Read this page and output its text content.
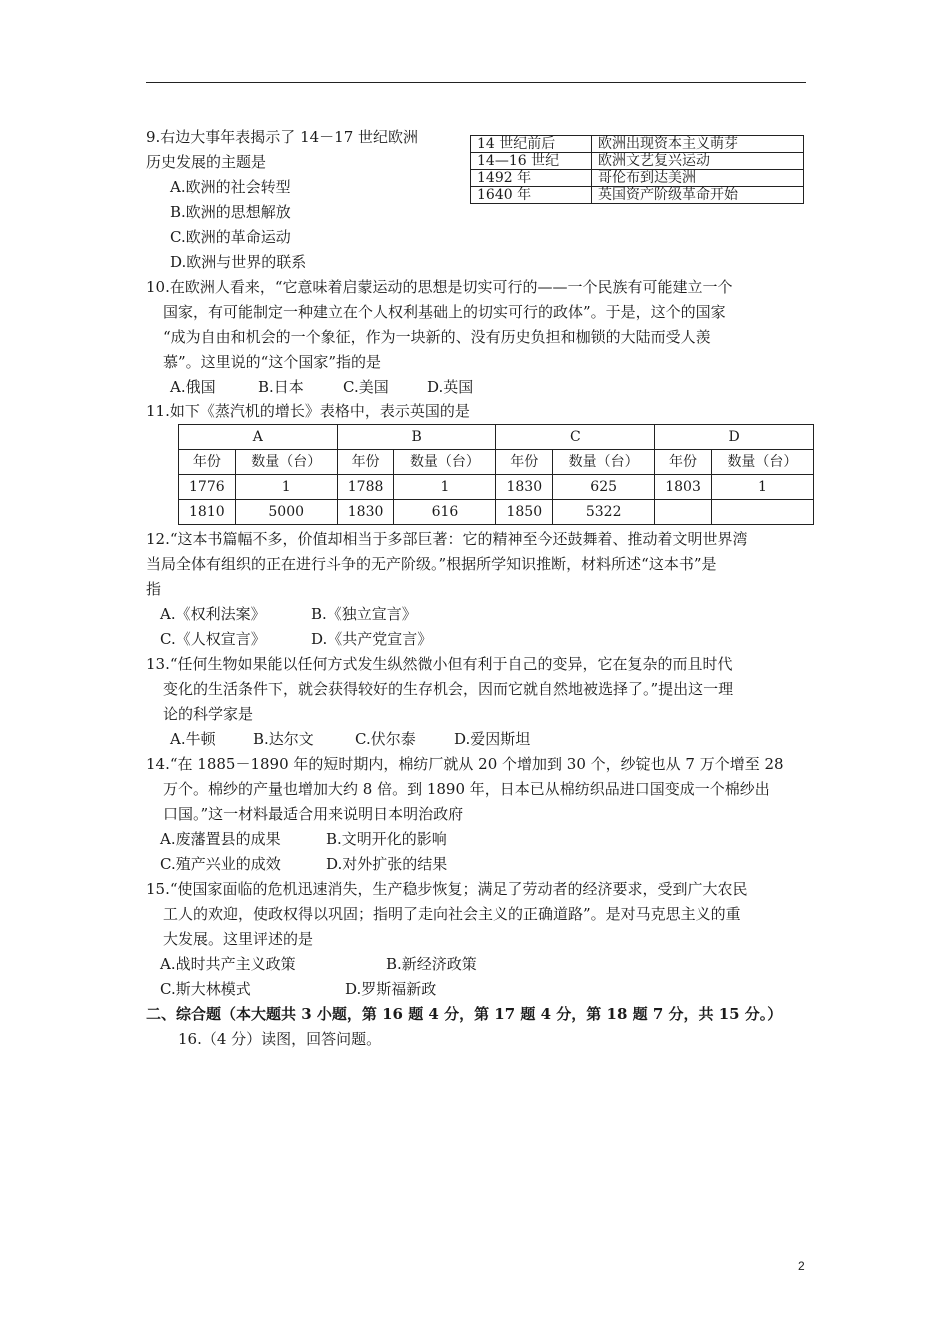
9.右边大事年表揭示了 14－17 世纪欧洲
历史发展的主题是
A.欧洲的社会转型
B.欧洲的思想解放
C.欧洲的革命运动
D.欧洲与世界的联系
14 世纪前后	欧洲出现资本主义萌芽
14—16 世纪	欧洲文艺复兴运动
1492 年	哥伦布到达美洲
1640 年	英国资产阶级革命开始
10.在欧洲人看来，“它意味着启蒙运动的思想是切实可行的——一个民族有可能建立一个
国家，有可能制定一种建立在个人权利基础上的切实可行的政体”。于是，这个的国家
“成为自由和机会的一个象征，作为一块新的、没有历史负担和枷锁的大陆而受人羡
慕”。这里说的“这个国家”指的是
A.俄国	B.日本	C.美国	D.英国
11.如下《蒸汽机的增长》表格中，表示英国的是
A		B		C		D	
年份	数量（台）	年份	数量（台）	年份	数量（台）	年份	数量（台）
1776	1	1788	1	1830	625	1803	1
1810	5000	1830	616	1850	5322		
12.“这本书篇幅不多，价值却相当于多部巨著：它的精神至今还鼓舞着、推动着文明世界湾
当局全体有组织的正在进行斗争的无产阶级。”根据所学知识推断，材料所述“这本书”是
指
A.《权利法案》	B.《独立宣言》
C.《人权宣言》	D.《共产党宣言》
13.“任何生物如果能以任何方式发生纵然微小但有利于自己的变异，它在复杂的而且时代
变化的生活条件下，就会获得较好的生存机会，因而它就自然地被选择了。”提出这一理
论的科学家是
A.牛顿 B.达尔文	C.伏尔泰	D.爱因斯坦
14.“在 1885－1890 年的短时期内，棉纺厂就从 20 个增加到 30 个，纱锭也从 7 万个增至 28
万个。棉纱的产量也增加大约 8 倍。到 1890 年，日本已从棉纺织品进口国变成一个棉纱出
口国。”这一材料最适合用来说明日本明治政府
A.废藩置县的成果	B.文明开化的影响
C.殖产兴业的成效	D.对外扩张的结果
15.“使国家面临的危机迅速消失，生产稳步恢复；满足了劳动者的经济要求，受到广大农民
工人的欢迎，使政权得以巩固；指明了走向社会主义的正确道路”。是对马克思主义的重
大发展。这里评述的是
A.战时共产主义政策	B.新经济政策
C.斯大林模式	D.罗斯福新政
二、综合题（本大题共 3 小题，第 16 题 4 分，第 17 题 4 分，第 18 题 7 分，共 15 分。）
16.（4 分）读图，回答问题。
2
